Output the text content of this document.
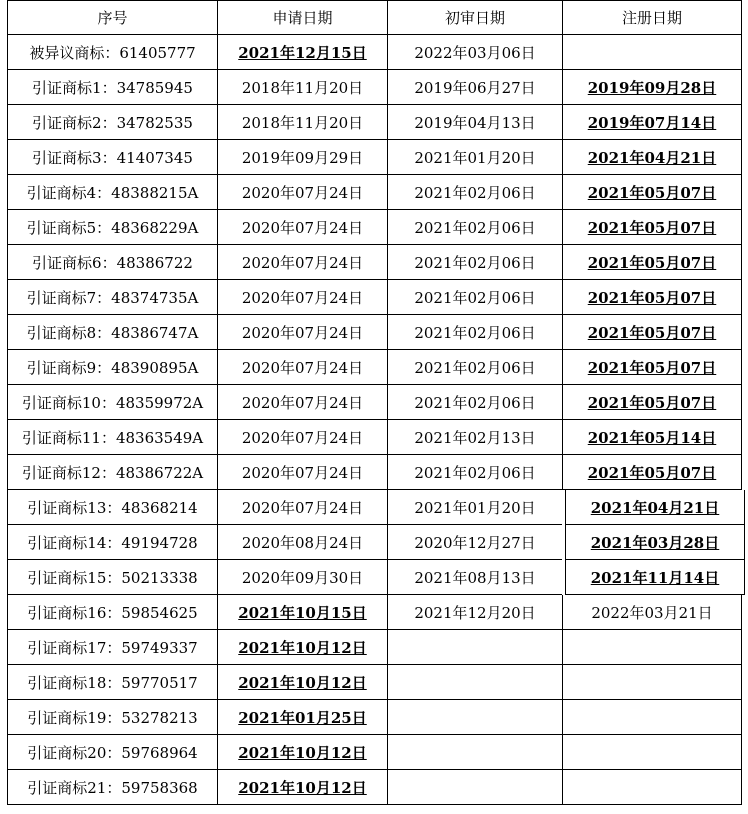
序号	申请日期	初审日期	注册日期
被异议商标：61405777	2021年12月15日	2022年03月06日
引证商标1：34785945	2018年11月20日	2019年06月27日	2019年09月28日
引证商标2：34782535	2018年11月20日	2019年04月13日	2019年07月14日
引证商标3：41407345	2019年09月29日	2021年01月20日	2021年04月21日
引证商标4：48388215A	2020年07月24日	2021年02月06日	2021年05月07日
引证商标5：48368229A	2020年07月24日	2021年02月06日	2021年05月07日
引证商标6：48386722	2020年07月24日	2021年02月06日	2021年05月07日
引证商标7：48374735A	2020年07月24日	2021年02月06日	2021年05月07日
引证商标8：48386747A	2020年07月24日	2021年02月06日	2021年05月07日
引证商标9：48390895A	2020年07月24日	2021年02月06日	2021年05月07日
引证商标10：48359972A	2020年07月24日	2021年02月06日	2021年05月07日
引证商标11：48363549A	2020年07月24日	2021年02月13日	2021年05月14日
引证商标12：48386722A	2020年07月24日	2021年02月06日	2021年05月07日
引证商标13：48368214	2020年07月24日	2021年01月20日	2021年04月21日
引证商标14：49194728	2020年08月24日	2020年12月27日	2021年03月28日
引证商标15：50213338	2020年09月30日	2021年08月13日	2021年11月14日
引证商标16：59854625	2021年10月15日	2021年12月20日	2022年03月21日
引证商标17：59749337	2021年10月12日
引证商标18：59770517	2021年10月12日
引证商标19：53278213	2021年01月25日
引证商标20：59768964	2021年10月12日
引证商标21：59758368	2021年10月12日
